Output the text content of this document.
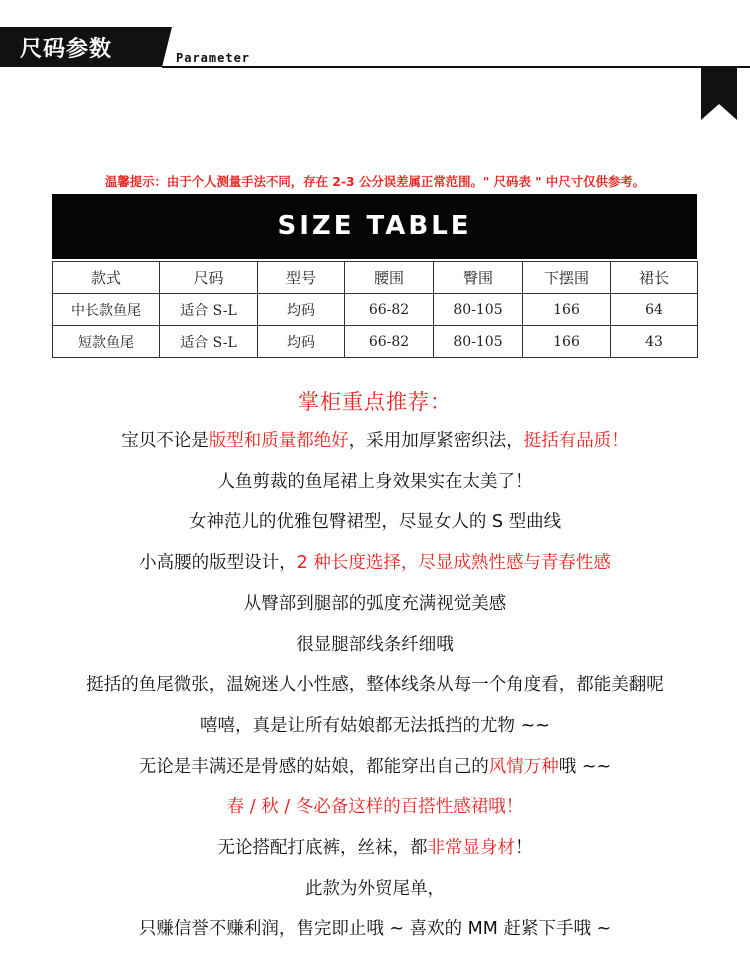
尺码参数	Parameter
温馨提示：由于个人测量手法不同，存在 2-3 公分误差属正常范围。" 尺码表 " 中尺寸仅供参考。
SIZE TABLE
款式	尺码	型号	腰围	臀围	下摆围	裙长
中长款鱼尾	适合 S-L	均码	66-82	80-105	166	64
短款鱼尾	适合 S-L	均码	66-82	80-105	166	43
掌柜重点推荐：
宝贝不论是版型和质量都绝好，采用加厚紧密织法，挺括有品质！
人鱼剪裁的鱼尾裙上身效果实在太美了！
女神范儿的优雅包臀裙型，尽显女人的 S 型曲线
小高腰的版型设计，2 种长度选择，尽显成熟性感与青春性感
从臀部到腿部的弧度充满视觉美感
很显腿部线条纤细哦
挺括的鱼尾微张，温婉迷人小性感，整体线条从每一个角度看，都能美翻呢
嘻嘻，真是让所有姑娘都无法抵挡的尤物 ~~
无论是丰满还是骨感的姑娘，都能穿出自己的风情万种哦 ~~
春 / 秋 / 冬必备这样的百搭性感裙哦！
无论搭配打底裤，丝袜，都非常显身材！
此款为外贸尾单，
只赚信誉不赚利润，售完即止哦 ~ 喜欢的 MM 赶紧下手哦 ~
